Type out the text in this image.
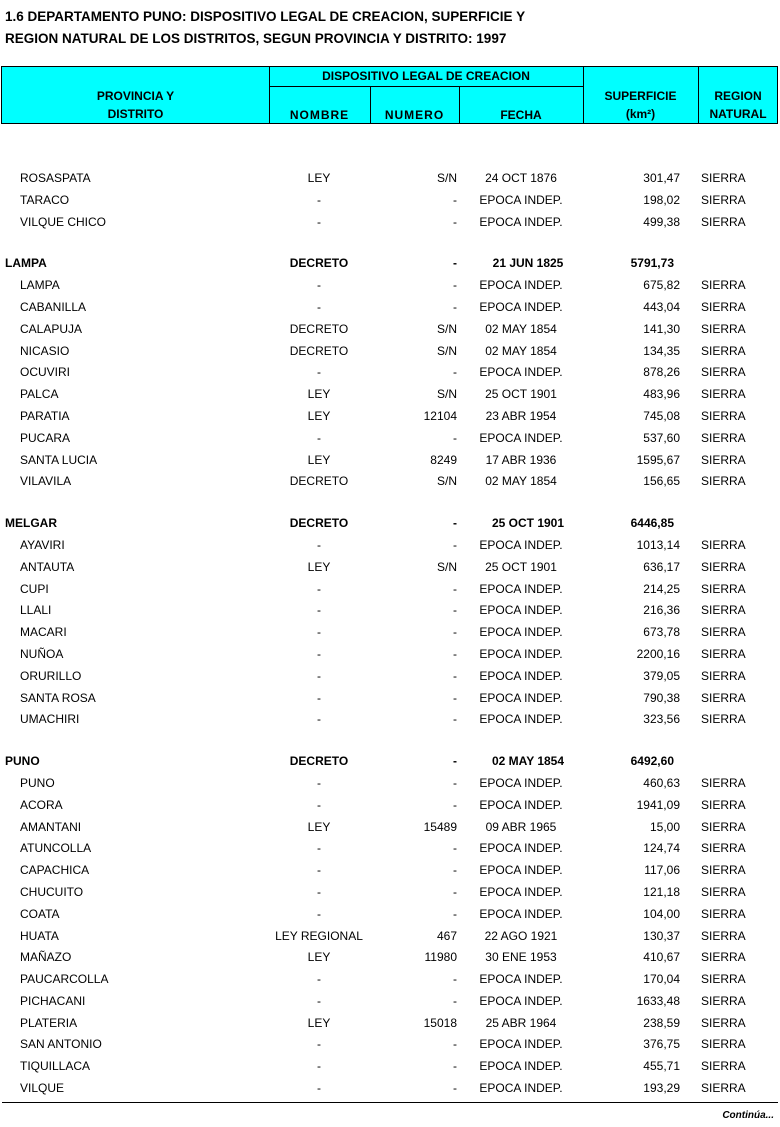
1.6 DEPARTAMENTO PUNO: DISPOSITIVO LEGAL DE CREACION, SUPERFICIE Y
REGION NATURAL DE LOS DISTRITOS, SEGUN PROVINCIA Y DISTRITO: 1997
PROVINCIA Y
DISTRITO
DISPOSITIVO LEGAL DE CREACION
NOMBRE	NUMERO	FECHA
SUPERFICIE
(km²)
REGION
NATURAL
ROSASPATA	LEY	S/N	24 OCT 1876	301,47 SIERRA
TARACO	-	-	EPOCA INDEP.	198,02 SIERRA
VILQUE CHICO	-	-	EPOCA INDEP.	499,38 SIERRA
LAMPA	DECRETO	-	21 JUN 1825	5791,73
LAMPA	-	-	EPOCA INDEP.	675,82 SIERRA
CABANILLA	-	-	EPOCA INDEP.	443,04 SIERRA
CALAPUJA	DECRETO	S/N	02 MAY 1854	141,30 SIERRA
NICASIO	DECRETO	S/N	02 MAY 1854	134,35 SIERRA
OCUVIRI	-	-	EPOCA INDEP.	878,26 SIERRA
PALCA	LEY	S/N	25 OCT 1901	483,96 SIERRA
PARATIA	LEY	12104	23 ABR 1954	745,08 SIERRA
PUCARA	-	-	EPOCA INDEP.	537,60 SIERRA
SANTA LUCIA	LEY	8249	17 ABR 1936	1595,67 SIERRA
VILAVILA	DECRETO	S/N	02 MAY 1854	156,65 SIERRA
MELGAR	DECRETO	-	25 OCT 1901	6446,85
AYAVIRI	-	-	EPOCA INDEP.	1013,14 SIERRA
ANTAUTA	LEY	S/N	25 OCT 1901	636,17 SIERRA
CUPI	-	-	EPOCA INDEP.	214,25 SIERRA
LLALI	-	-	EPOCA INDEP.	216,36 SIERRA
MACARI	-	-	EPOCA INDEP.	673,78 SIERRA
NUÑOA	-	-	EPOCA INDEP.	2200,16 SIERRA
ORURILLO	-	-	EPOCA INDEP.	379,05 SIERRA
SANTA ROSA	-	-	EPOCA INDEP.	790,38 SIERRA
UMACHIRI	-	-	EPOCA INDEP.	323,56 SIERRA
PUNO	DECRETO	-	02 MAY 1854	6492,60
PUNO	-	-	EPOCA INDEP.	460,63 SIERRA
ACORA	-	-	EPOCA INDEP.	1941,09 SIERRA
AMANTANI	LEY	15489	09 ABR 1965	15,00 SIERRA
ATUNCOLLA	-	-	EPOCA INDEP.	124,74 SIERRA
CAPACHICA	-	-	EPOCA INDEP.	117,06 SIERRA
CHUCUITO	-	-	EPOCA INDEP.	121,18 SIERRA
COATA	-	-	EPOCA INDEP.	104,00 SIERRA
HUATA	LEY REGIONAL	467	22 AGO 1921	130,37 SIERRA
MAÑAZO	LEY	11980	30 ENE 1953	410,67 SIERRA
PAUCARCOLLA	-	-	EPOCA INDEP.	170,04 SIERRA
PICHACANI	-	-	EPOCA INDEP.	1633,48 SIERRA
PLATERIA	LEY	15018	25 ABR 1964	238,59 SIERRA
SAN ANTONIO	-	-	EPOCA INDEP.	376,75 SIERRA
TIQUILLACA	-	-	EPOCA INDEP.	455,71 SIERRA
VILQUE	-	-	EPOCA INDEP.	193,29 SIERRA
Continúa...
